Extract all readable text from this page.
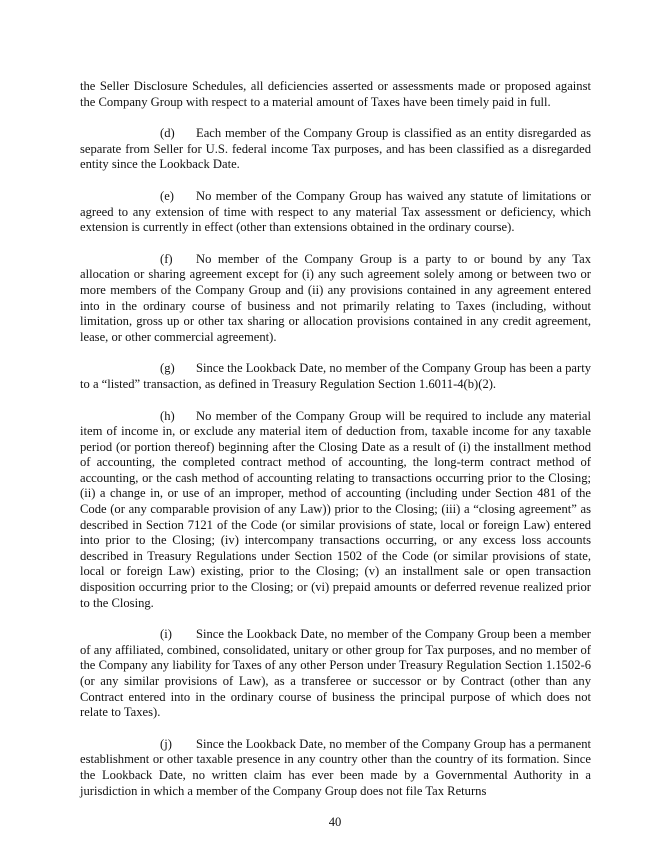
the Seller Disclosure Schedules, all deficiencies asserted or assessments made or proposed against the Company Group with respect to a material amount of Taxes have been timely paid in full.

(d) Each member of the Company Group is classified as an entity disregarded as separate from Seller for U.S. federal income Tax purposes, and has been classified as a disregarded entity since the Lookback Date.

(e) No member of the Company Group has waived any statute of limitations or agreed to any extension of time with respect to any material Tax assessment or deficiency, which extension is currently in effect (other than extensions obtained in the ordinary course).

(f) No member of the Company Group is a party to or bound by any Tax allocation or sharing agreement except for (i) any such agreement solely among or between two or more members of the Company Group and (ii) any provisions contained in any agreement entered into in the ordinary course of business and not primarily relating to Taxes (including, without limitation, gross up or other tax sharing or allocation provisions contained in any credit agreement, lease, or other commercial agreement).

(g) Since the Lookback Date, no member of the Company Group has been a party to a “listed” transaction, as defined in Treasury Regulation Section 1.6011-4(b)(2).

(h) No member of the Company Group will be required to include any material item of income in, or exclude any material item of deduction from, taxable income for any taxable period (or portion thereof) beginning after the Closing Date as a result of (i) the installment method of accounting, the completed contract method of accounting, the long-term contract method of accounting, or the cash method of accounting relating to transactions occurring prior to the Closing; (ii) a change in, or use of an improper, method of accounting (including under Section 481 of the Code (or any comparable provision of any Law)) prior to the Closing; (iii) a “closing agreement” as described in Section 7121 of the Code (or similar provisions of state, local or foreign Law) entered into prior to the Closing; (iv) intercompany transactions occurring, or any excess loss accounts described in Treasury Regulations under Section 1502 of the Code (or similar provisions of state, local or foreign Law) existing, prior to the Closing; (v) an installment sale or open transaction disposition occurring prior to the Closing; or (vi) prepaid amounts or deferred revenue realized prior to the Closing.

(i) Since the Lookback Date, no member of the Company Group been a member of any affiliated, combined, consolidated, unitary or other group for Tax purposes, and no member of the Company any liability for Taxes of any other Person under Treasury Regulation Section 1.1502-6 (or any similar provisions of Law), as a transferee or successor or by Contract (other than any Contract entered into in the ordinary course of business the principal purpose of which does not relate to Taxes).

(j) Since the Lookback Date, no member of the Company Group has a permanent establishment or other taxable presence in any country other than the country of its formation. Since the Lookback Date, no written claim has ever been made by a Governmental Authority in a jurisdiction in which a member of the Company Group does not file Tax Returns

40
